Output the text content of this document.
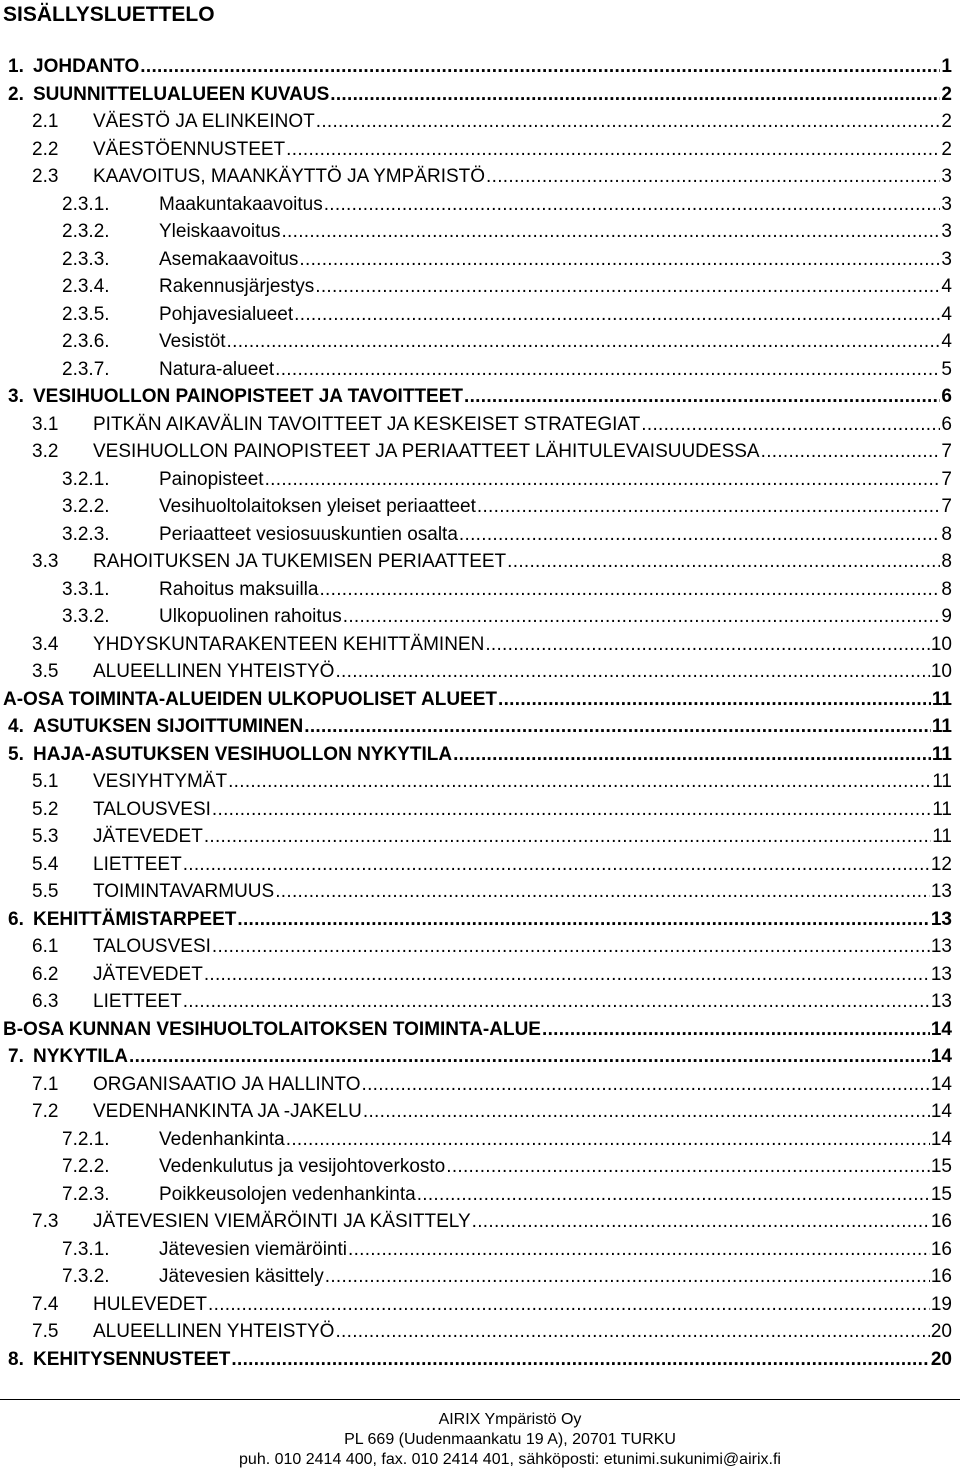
SISÄLLYSLUETTELO
1. JOHDANTO .....	1
2. SUUNNITTELUALUEEN KUVAUS .....	2
2.1	VÄESTÖ JA ELINKEINOT .....	2
2.2	VÄESTÖENNUSTEET .....	2
2.3	KAAVOITUS, MAANKÄYTTÖ JA YMPÄRISTÖ .....	3
2.3.1.	Maakuntakaavoitus .....	3
2.3.2.	Yleiskaavoitus .....	3
2.3.3.	Asemakaavoitus .....	3
2.3.4.	Rakennusjärjestys .....	4
2.3.5.	Pohjavesialueet .....	4
2.3.6.	Vesistöt .....	4
2.3.7.	Natura-alueet .....	5
3. VESIHUOLLON PAINOPISTEET JA TAVOITTEET .....	6
3.1	PITKÄN AIKAVÄLIN TAVOITTEET JA KESKEISET STRATEGIAT .....	6
3.2	VESIHUOLLON PAINOPISTEET JA PERIAATTEET LÄHITULEVAISUUDESSA .....	7
3.2.1.	Painopisteet .....	7
3.2.2.	Vesihuoltolaitoksen yleiset periaatteet .....	7
3.2.3.	Periaatteet vesiosuuskuntien osalta .....	8
3.3	RAHOITUKSEN JA TUKEMISEN PERIAATTEET .....	8
3.3.1.	Rahoitus maksuilla .....	8
3.3.2.	Ulkopuolinen rahoitus .....	9
3.4	YHDYSKUNTARAKENTEEN KEHITTÄMINEN .....	10
3.5	ALUEELLINEN YHTEISTYÖ .....	10
A-OSA TOIMINTA-ALUEIDEN ULKOPUOLISET ALUEET .....	11
4. ASUTUKSEN SIJOITTUMINEN .....	11
5. HAJA-ASUTUKSEN VESIHUOLLON NYKYTILA .....	11
5.1	VESIYHTYMÄT .....	11
5.2	TALOUSVESI .....	11
5.3	JÄTEVEDET .....	11
5.4	LIETTEET .....	12
5.5	TOIMINTAVARMUUS .....	13
6. KEHITTÄMISTARPEET .....	13
6.1	TALOUSVESI .....	13
6.2	JÄTEVEDET .....	13
6.3	LIETTEET .....	13
B-OSA KUNNAN VESIHUOLTOLAITOKSEN TOIMINTA-ALUE .....	14
7. NYKYTILA .....	14
7.1	ORGANISAATIO JA HALLINTO .....	14
7.2	VEDENHANKINTA JA -JAKELU .....	14
7.2.1.	Vedenhankinta .....	14
7.2.2.	Vedenkulutus ja vesijohtoverkosto .....	15
7.2.3.	Poikkeusolojen vedenhankinta .....	15
7.3	JÄTEVESIEN VIEMÄRÖINTI JA KÄSITTELY .....	16
7.3.1.	Jätevesien viemäröinti .....	16
7.3.2.	Jätevesien käsittely .....	16
7.4	HULEVEDET .....	19
7.5	ALUEELLINEN YHTEISTYÖ .....	20
8. KEHITYSENNUSTEET .....	20
AIRIX Ympäristö Oy
PL 669 (Uudenmaankatu 19 A), 20701 TURKU
puh. 010 2414 400, fax. 010 2414 401, sähköposti: etunimi.sukunimi@airix.fi
